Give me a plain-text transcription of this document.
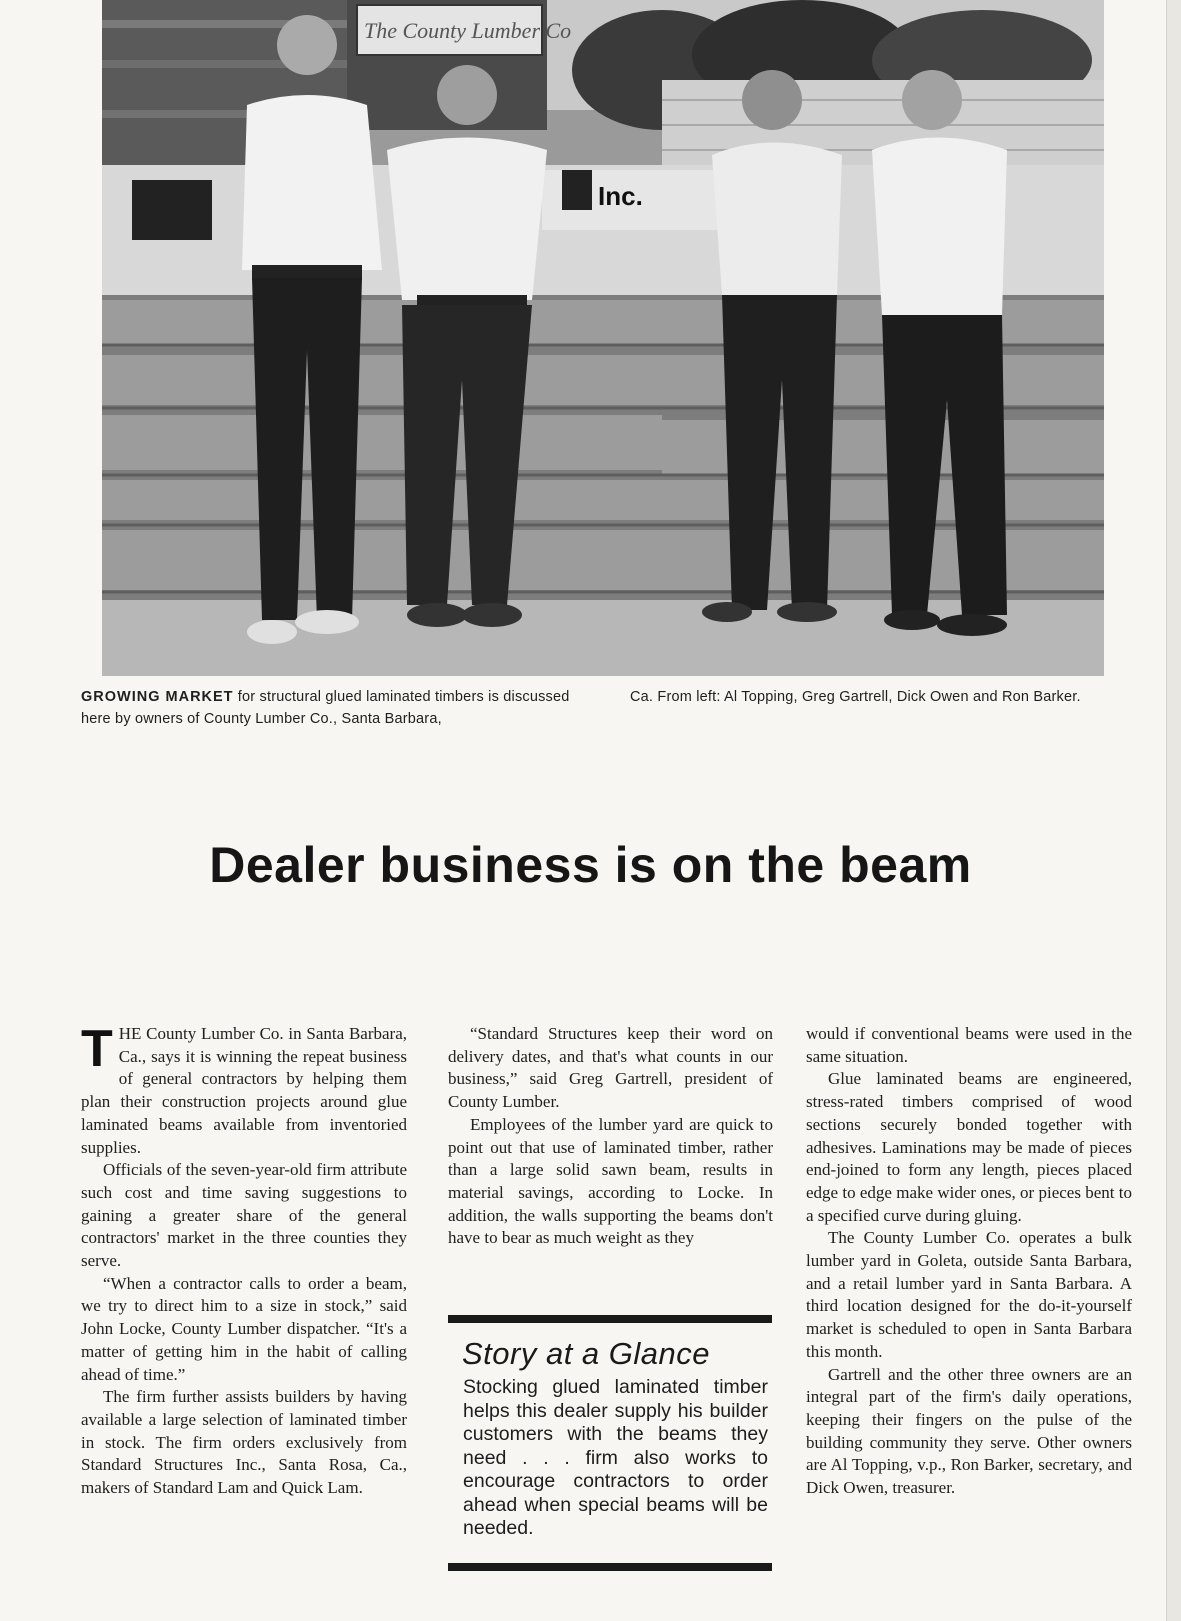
The County Lumber Co
Inc.
GROWING MARKET for structural glued laminated timbers is discussed here by owners of County Lumber Co., Santa Barbara,
Ca. From left: Al Topping, Greg Gartrell, Dick Owen and Ron Barker.
Dealer business is on the beam

THE County Lumber Co. in Santa Barbara, Ca., says it is winning the repeat business of general contractors by helping them plan their construction projects around glue laminated beams available from inventoried supplies.

Officials of the seven-year-old firm attribute such cost and time saving suggestions to gaining a greater share of the general contractors' market in the three counties they serve.

“When a contractor calls to order a beam, we try to direct him to a size in stock,” said John Locke, County Lumber dispatcher. “It's a matter of getting him in the habit of calling ahead of time.”

The firm further assists builders by having available a large selection of laminated timber in stock. The firm orders exclusively from Standard Structures Inc., Santa Rosa, Ca., makers of Standard Lam and Quick Lam.

“Standard Structures keep their word on delivery dates, and that's what counts in our business,” said Greg Gartrell, president of County Lumber.

Employees of the lumber yard are quick to point out that use of laminated timber, rather than a large solid sawn beam, results in material savings, according to Locke. In addition, the walls supporting the beams don't have to bear as much weight as they

Story at a Glance
Stocking glued laminated timber helps this dealer supply his builder customers with the beams they need . . . firm also works to encourage contractors to order ahead when special beams will be needed.

would if conventional beams were used in the same situation.

Glue laminated beams are engineered, stress-rated timbers comprised of wood sections securely bonded together with adhesives. Laminations may be made of pieces end-joined to form any length, pieces placed edge to edge make wider ones, or pieces bent to a specified curve during gluing.

The County Lumber Co. operates a bulk lumber yard in Goleta, outside Santa Barbara, and a retail lumber yard in Santa Barbara. A third location designed for the do-it-yourself market is scheduled to open in Santa Barbara this month.

Gartrell and the other three owners are an integral part of the firm's daily operations, keeping their fingers on the pulse of the building community they serve. Other owners are Al Topping, v.p., Ron Barker, secretary, and Dick Owen, treasurer.
